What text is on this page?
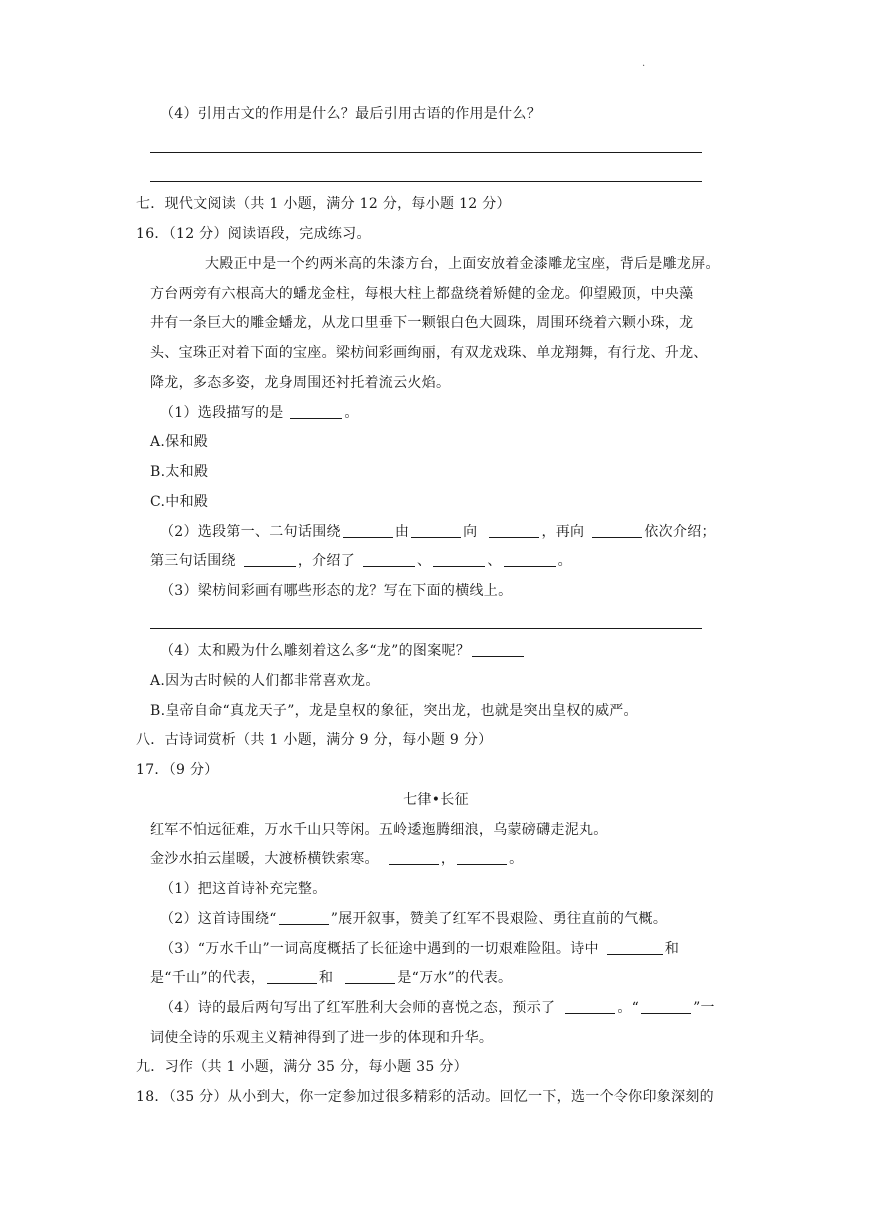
.
（4）引用古文的作用是什么？最后引用古语的作用是什么？
七．现代文阅读（共 1 小题，满分 12 分，每小题 12 分）
16．（12 分）阅读语段，完成练习。
大殿正中是一个约两米高的朱漆方台，上面安放着金漆雕龙宝座，背后是雕龙屏。
方台两旁有六根高大的蟠龙金柱，每根大柱上都盘绕着矫健的金龙。仰望殿顶，中央藻
井有一条巨大的雕金蟠龙，从龙口里垂下一颗银白色大圆珠，周围环绕着六颗小珠，龙
头、宝珠正对着下面的宝座。梁枋间彩画绚丽，有双龙戏珠、单龙翔舞，有行龙、升龙、
降龙，多态多姿，龙身周围还衬托着流云火焰。
（1）选段描写的是	。
A.保和殿
B.太和殿
C.中和殿
（2）选段第一、二句话围绕	由	向	，再向	依次介绍；
第三句话围绕	，介绍了	、	、	。
（3）梁枋间彩画有哪些形态的龙？写在下面的横线上。
（4）太和殿为什么雕刻着这么多“龙”的图案呢？
A.因为古时候的人们都非常喜欢龙。
B.皇帝自命“真龙天子”，龙是皇权的象征，突出龙，也就是突出皇权的威严。
八．古诗词赏析（共 1 小题，满分 9 分，每小题 9 分）
17．（9 分）
七律•长征
红军不怕远征难，万水千山只等闲。五岭逶迤腾细浪，乌蒙磅礴走泥丸。
金沙水拍云崖暖，大渡桥横铁索寒。	，	。
（1）把这首诗补充完整。
（2）这首诗围绕“	”展开叙事，赞美了红军不畏艰险、勇往直前的气概。
（3）“万水千山”一词高度概括了长征途中遇到的一切艰难险阻。诗中	和
是“千山”的代表，	和	是“万水”的代表。
（4）诗的最后两句写出了红军胜利大会师的喜悦之态，预示了	。“	”一
词使全诗的乐观主义精神得到了进一步的体现和升华。
九．习作（共 1 小题，满分 35 分，每小题 35 分）
18．（35 分）从小到大，你一定参加过很多精彩的活动。回忆一下，选一个令你印象深刻的
